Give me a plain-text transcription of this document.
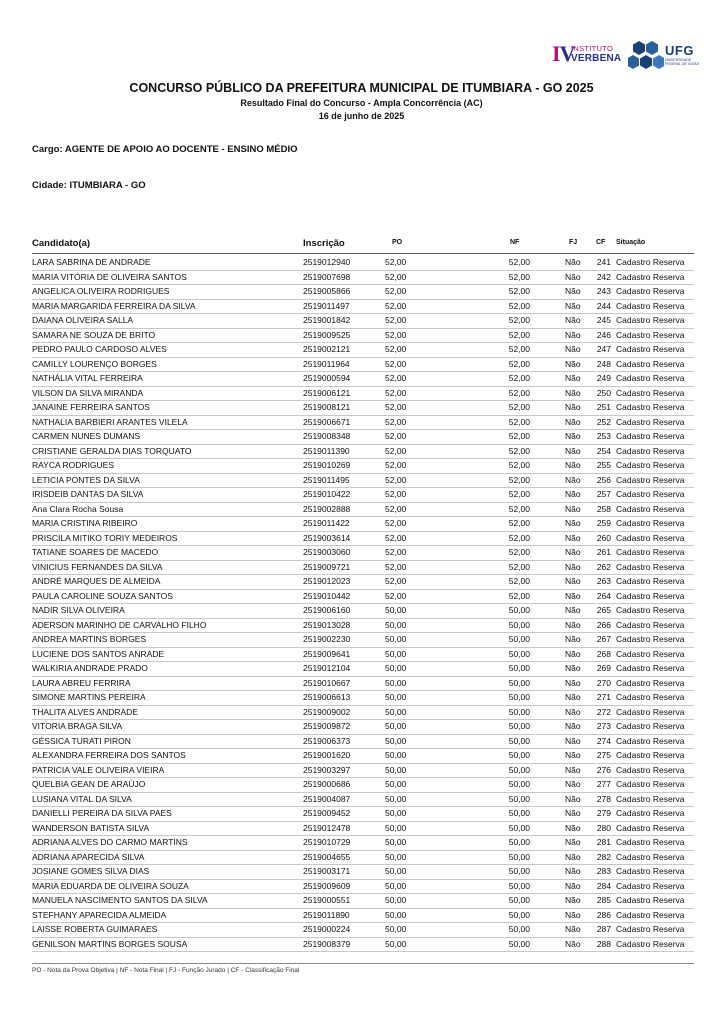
IV
INSTITUTO
VERBENA
UFG
UNIVERSIDADE FEDERAL DE GOIÁS
CONCURSO PÚBLICO DA PREFEITURA MUNICIPAL DE ITUMBIARA - GO 2025
Resultado Final do Concurso - Ampla Concorrência (AC)
16 de junho de 2025
Cargo: AGENTE DE APOIO AO DOCENTE - ENSINO MÉDIO
Cidade: ITUMBIARA - GO
Candidato(a)	Inscrição	PO	NF	FJ	CF Situação
LARA SABRINA DE ANDRADE	2519012940	52,00	52,00	Não	241 Cadastro Reserva
MARIA VITÓRIA DE OLIVEIRA SANTOS	2519007698	52,00	52,00	Não	242 Cadastro Reserva
ANGELICA OLIVEIRA RODRIGUES	2519005866	52,00	52,00	Não	243 Cadastro Reserva
MARIA MARGARIDA FERREIRA DA SILVA	2519011497	52,00	52,00	Não	244 Cadastro Reserva
DAIANA OLIVEIRA SALLA	2519001842	52,00	52,00	Não	245 Cadastro Reserva
SAMARA NE SOUZA DE BRITO	2519009525	52,00	52,00	Não	246 Cadastro Reserva
PEDRO PAULO CARDOSO ALVES	2519002121	52,00	52,00	Não	247 Cadastro Reserva
CAMILLY LOURENÇO BORGES	2519011964	52,00	52,00	Não	248 Cadastro Reserva
NATHÁLIA VITAL FERREIRA	2519000594	52,00	52,00	Não	249 Cadastro Reserva
VILSON DA SILVA MIRANDA	2519006121	52,00	52,00	Não	250 Cadastro Reserva
JANAINE FERREIRA SANTOS	2519008121	52,00	52,00	Não	251 Cadastro Reserva
NATHALIA BARBIERI ARANTES VILELA	2519006671	52,00	52,00	Não	252 Cadastro Reserva
CARMEN NUNES DUMANS	2519008348	52,00	52,00	Não	253 Cadastro Reserva
CRISTIANE GERALDA DIAS TORQUATO	2519011390	52,00	52,00	Não	254 Cadastro Reserva
RAYCA RODRIGUES	2519010269	52,00	52,00	Não	255 Cadastro Reserva
LETICIA PONTES DA SILVA	2519011495	52,00	52,00	Não	256 Cadastro Reserva
IRISDEIB DANTAS DA SILVA	2519010422	52,00	52,00	Não	257 Cadastro Reserva
Ana Clara Rocha Sousa	2519002888	52,00	52,00	Não	258 Cadastro Reserva
MARIA CRISTINA RIBEIRO	2519011422	52,00	52,00	Não	259 Cadastro Reserva
PRISCILA MITIKO TORIY MEDEIROS	2519003614	52,00	52,00	Não	260 Cadastro Reserva
TATIANE SOARES DE MACEDO	2519003060	52,00	52,00	Não	261 Cadastro Reserva
VINICIUS FERNANDES DA SILVA	2519009721	52,00	52,00	Não	262 Cadastro Reserva
ANDRÉ MARQUES DE ALMEIDA	2519012023	52,00	52,00	Não	263 Cadastro Reserva
PAULA CAROLINE SOUZA SANTOS	2519010442	52,00	52,00	Não	264 Cadastro Reserva
NADIR SILVA OLIVEIRA	2519006160	50,00	50,00	Não	265 Cadastro Reserva
ADERSON MARINHO DE CARVALHO FILHO	2519013028	50,00	50,00	Não	266 Cadastro Reserva
ANDREA MARTINS BORGES	2519002230	50,00	50,00	Não	267 Cadastro Reserva
LUCIENE DOS SANTOS ANRADE	2519009641	50,00	50,00	Não	268 Cadastro Reserva
WALKIRIA ANDRADE PRADO	2519012104	50,00	50,00	Não	269 Cadastro Reserva
LAURA ABREU FERRIRA	2519010667	50,00	50,00	Não	270 Cadastro Reserva
SIMONE MARTINS PEREIRA	2519006613	50,00	50,00	Não	271 Cadastro Reserva
THALITA ALVES ANDRADE	2519009002	50,00	50,00	Não	272 Cadastro Reserva
VITORIA BRAGA SILVA	2519009872	50,00	50,00	Não	273 Cadastro Reserva
GÉSSICA TURATI PIRON	2519006373	50,00	50,00	Não	274 Cadastro Reserva
ALEXANDRA FERREIRA DOS SANTOS	2519001620	50,00	50,00	Não	275 Cadastro Reserva
PATRICIA VALE OLIVEIRA VIEIRA	2519003297	50,00	50,00	Não	276 Cadastro Reserva
QUELBIA GEAN DE ARAÚJO	2519000686	50,00	50,00	Não	277 Cadastro Reserva
LUSIANA VITAL DA SILVA	2519004087	50,00	50,00	Não	278 Cadastro Reserva
DANIELLI PEREIRA DA SILVA PAES	2519009452	50,00	50,00	Não	279 Cadastro Reserva
WANDERSON BATISTA SILVA	2519012478	50,00	50,00	Não	280 Cadastro Reserva
ADRIANA ALVES DO CARMO MARTINS	2519010729	50,00	50,00	Não	281 Cadastro Reserva
ADRIANA APARECIDA SILVA	2519004655	50,00	50,00	Não	282 Cadastro Reserva
JOSIANE GOMES SILVA DIAS	2519003171	50,00	50,00	Não	283 Cadastro Reserva
MARIA EDUARDA DE OLIVEIRA SOUZA	2519009609	50,00	50,00	Não	284 Cadastro Reserva
MANUELA NASCIMENTO SANTOS DA SILVA	2519000551	50,00	50,00	Não	285 Cadastro Reserva
STEFHANY APARECIDA ALMEIDA	2519011890	50,00	50,00	Não	286 Cadastro Reserva
LAISSE ROBERTA GUIMARAES	2519000224	50,00	50,00	Não	287 Cadastro Reserva
GENILSON MARTINS BORGES SOUSA	2519008379	50,00	50,00	Não	288 Cadastro Reserva
PO - Nota da Prova Objetiva | NF - Nota Final | FJ - Função Jurado | CF - Classificação Final
